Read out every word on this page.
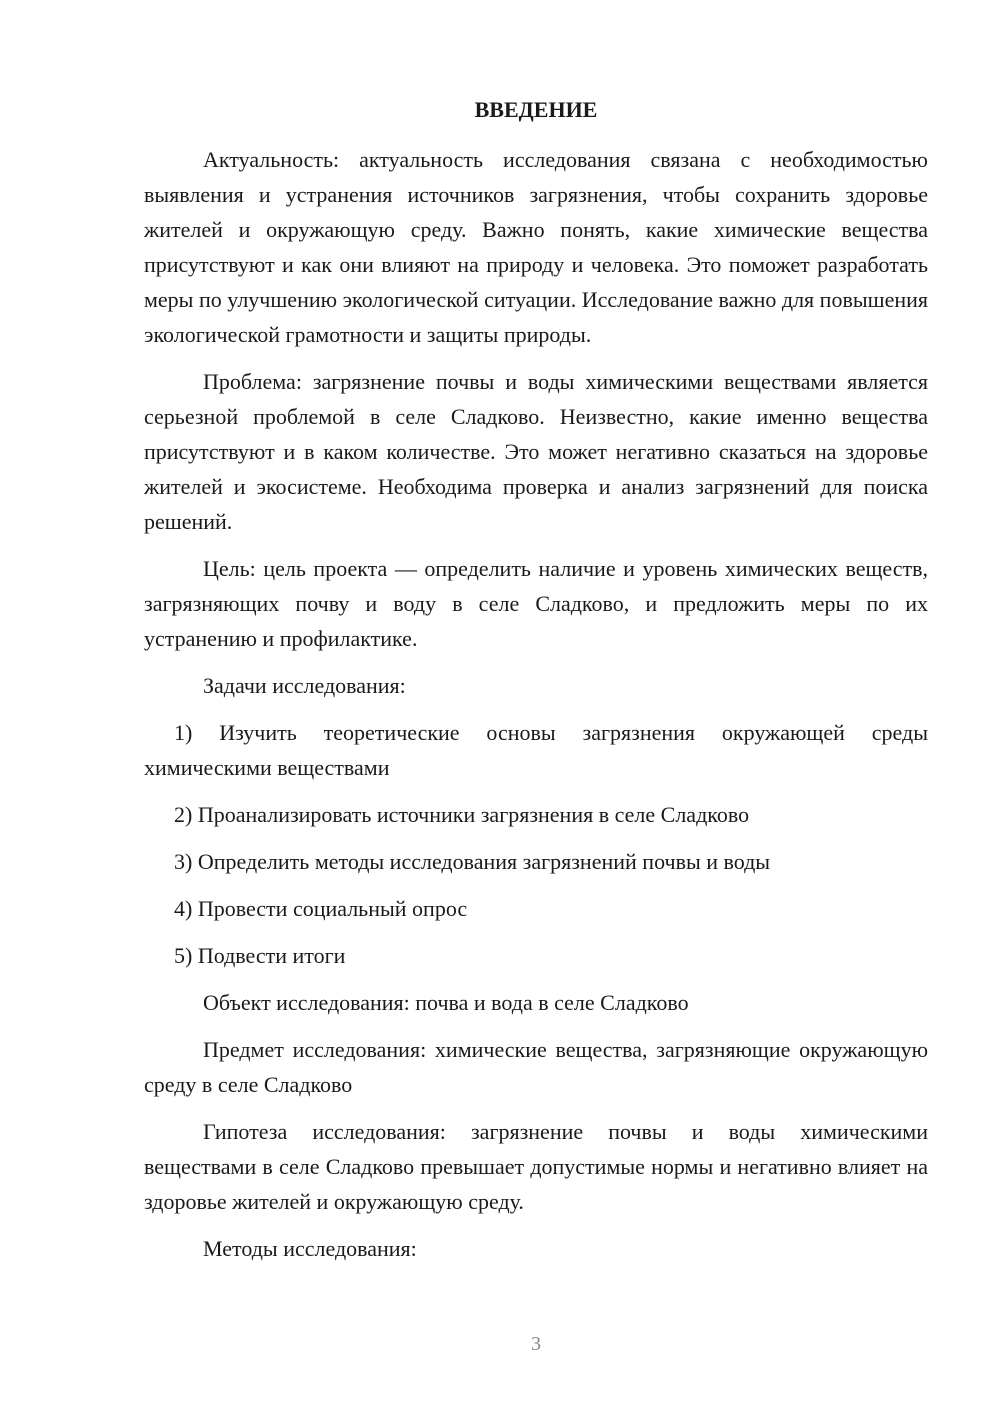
ВВЕДЕНИЕ

Актуальность: актуальность исследования связана с необходимостью выявления и устранения источников загрязнения, чтобы сохранить здоровье жителей и окружающую среду. Важно понять, какие химические вещества присутствуют и как они влияют на природу и человека. Это поможет разработать меры по улучшению экологической ситуации. Исследование важно для повышения экологической грамотности и защиты природы.

Проблема: загрязнение почвы и воды химическими веществами является серьезной проблемой в селе Сладково. Неизвестно, какие именно вещества присутствуют и в каком количестве. Это может негативно сказаться на здоровье жителей и экосистеме. Необходима проверка и анализ загрязнений для поиска решений.

Цель: цель проекта — определить наличие и уровень химических веществ, загрязняющих почву и воду в селе Сладково, и предложить меры по их устранению и профилактике.

Задачи исследования:

1) Изучить теоретические основы загрязнения окружающей среды химическими веществами

2) Проанализировать источники загрязнения в селе Сладково

3) Определить методы исследования загрязнений почвы и воды

4) Провести социальный опрос

5) Подвести итоги

Объект исследования: почва и вода в селе Сладково

Предмет исследования: химические вещества, загрязняющие окружающую среду в селе Сладково

Гипотеза исследования: загрязнение почвы и воды химическими веществами в селе Сладково превышает допустимые нормы и негативно влияет на здоровье жителей и окружающую среду.

Методы исследования:

3
